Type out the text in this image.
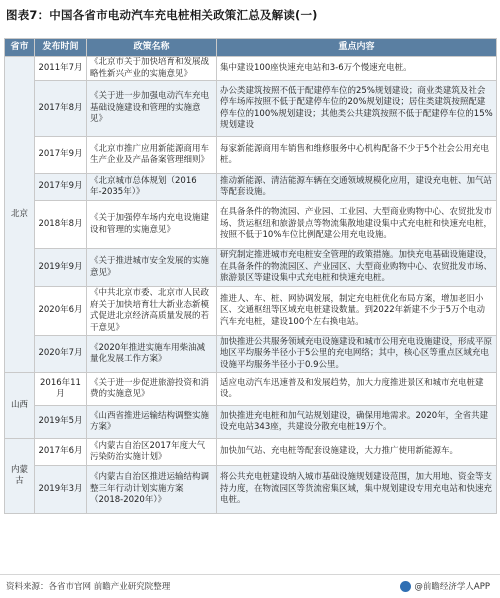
图表7：中国各省市电动汽车充电桩相关政策汇总及解读(一)
省市	发布时间	政策名称	重点内容
北京	2011年7月	《北京市关于加快培育和发展战略性新兴产业的实施意见》	集中建设100座快速充电站和3-6万个慢速充电桩。
	2017年8月	《关于进一步加强电动汽车充电基础设施建设和管理的实施意见》	办公类建筑按照不低于配建停车位的25%规划建设；商业类建筑及社会停车场库按照不低于配建停车位的20%规划建设；居住类建筑按照配建停车位的100%规划建设；其他类公共建筑按照不低于配建停车位的15%规划建设
	2017年9月	《北京市推广应用新能源商用车生产企业及产品备案管理细则》	每家新能源商用车销售和维修服务中心机构配备不少于5个社会公用充电桩。
	2017年9月	《北京城市总体规划（2016年-2035年）》	推动新能源、清洁能源车辆在交通领域规模化应用，建设充电桩、加气站等配套设施。
	2018年8月	《关于加强停车场内充电设施建设和管理的实施意见》	在具备条件的物流园、产业园、工业园、大型商业购物中心、农贸批发市场、货运枢纽和旅游景点等物流集散地建设集中式充电桩和快速充电桩，按照不低于10%车位比例配建公用充电设施。
	2019年9月	《关于推进城市安全发展的实施意见》	研究制定推进城市充电桩安全管理的政策措施。加快充电基础设施建设，在具备条件的物流园区、产业园区、大型商业购物中心、农贸批发市场、旅游景区等建设集中式充电桩和快速充电桩。
	2020年6月	《中共北京市委、北京市人民政府关于加快培育壮大新业态新模式促进北京经济高质量发展的若干意见》	推进人、车、桩、网协调发展，制定充电桩优化布局方案，增加老旧小区、交通枢纽等区域充电桩建设数量。到2022年新建不少于5万个电动汽车充电桩，建设100个左右换电站。
	2020年7月	《2020年推进实施车用柴油减量化发展工作方案》	加快推进公共服务领域充电设施建设和城市公用充电设施建设，形成平原地区平均服务半径小于5公里的充电网络；其中，核心区等重点区域充电设施平均服务半径小于0.9公里。
山西	2016年11月	《关于进一步促进旅游投资和消费的实施意见》	适应电动汽车迅速普及和发展趋势，加大力度推进景区和城市充电桩建设。
	2019年5月	《山西省推进运输结构调整实施方案》	加快推进充电桩和加气站规划建设，确保用地需求。2020年，全省共建设充电站343座，共建设分散充电桩19万个。
内蒙古	2017年6月	《内蒙古自治区2017年度大气污染防治实施计划》	加快加气站、充电桩等配套设施建设，大力推广使用新能源车。
	2019年3月	《内蒙古自治区推进运输结构调整三年行动计划实施方案（2018-2020年）》	将公共充电桩建设纳入城市基础设施规划建设范围，加大用地、资金等支持力度，在物流园区等货流密集区域，集中规划建设专用充电站和快速充电桩。
资料来源：各省市官网 前瞻产业研究院整理	@前瞻经济学人APP
